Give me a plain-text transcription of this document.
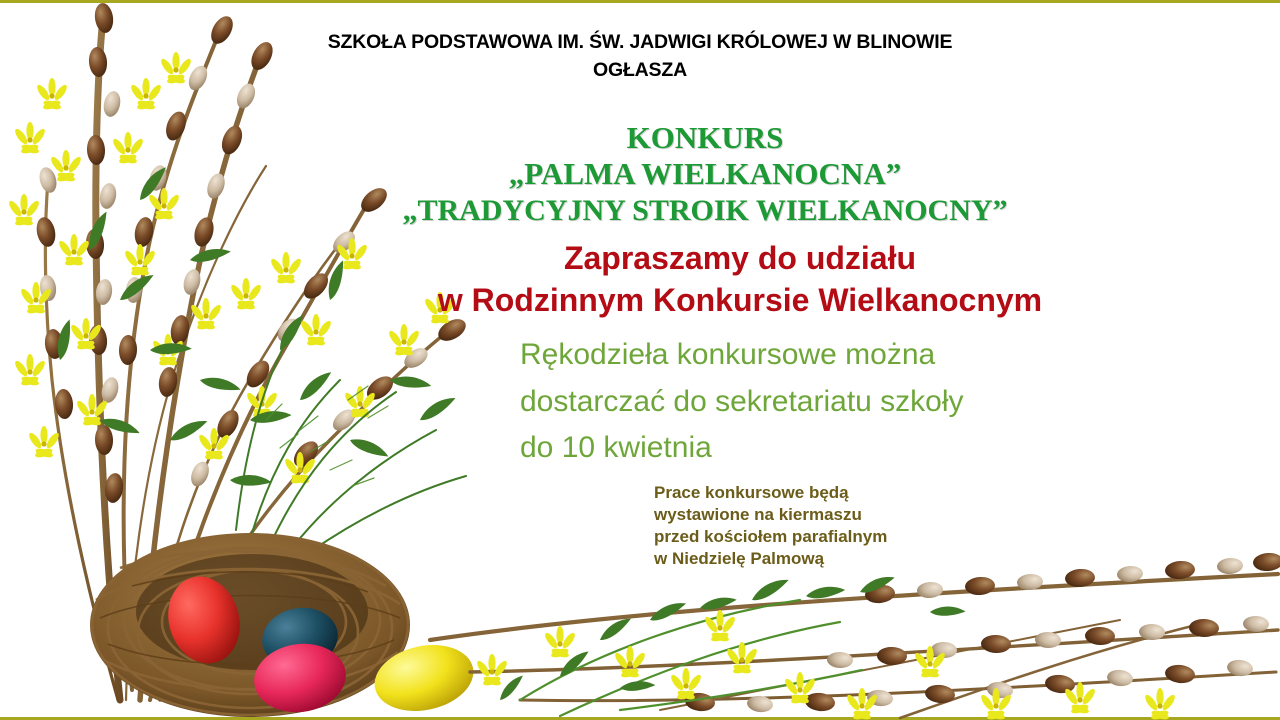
SZKOŁA PODSTAWOWA IM. ŚW. JADWIGI KRÓLOWEJ W BLINOWIE
OGŁASZA
KONKURS
„PALMA WIELKANOCNA”
„TRADYCYJNY STROIK WIELKANOCNY”
Zapraszamy do udziału
w Rodzinnym Konkursie Wielkanocnym
Rękodzieła konkursowe można
dostarczać do sekretariatu szkoły
do 10 kwietnia
Prace konkursowe będą
wystawione na kiermaszu
przed kościołem parafialnym
w Niedzielę Palmową
